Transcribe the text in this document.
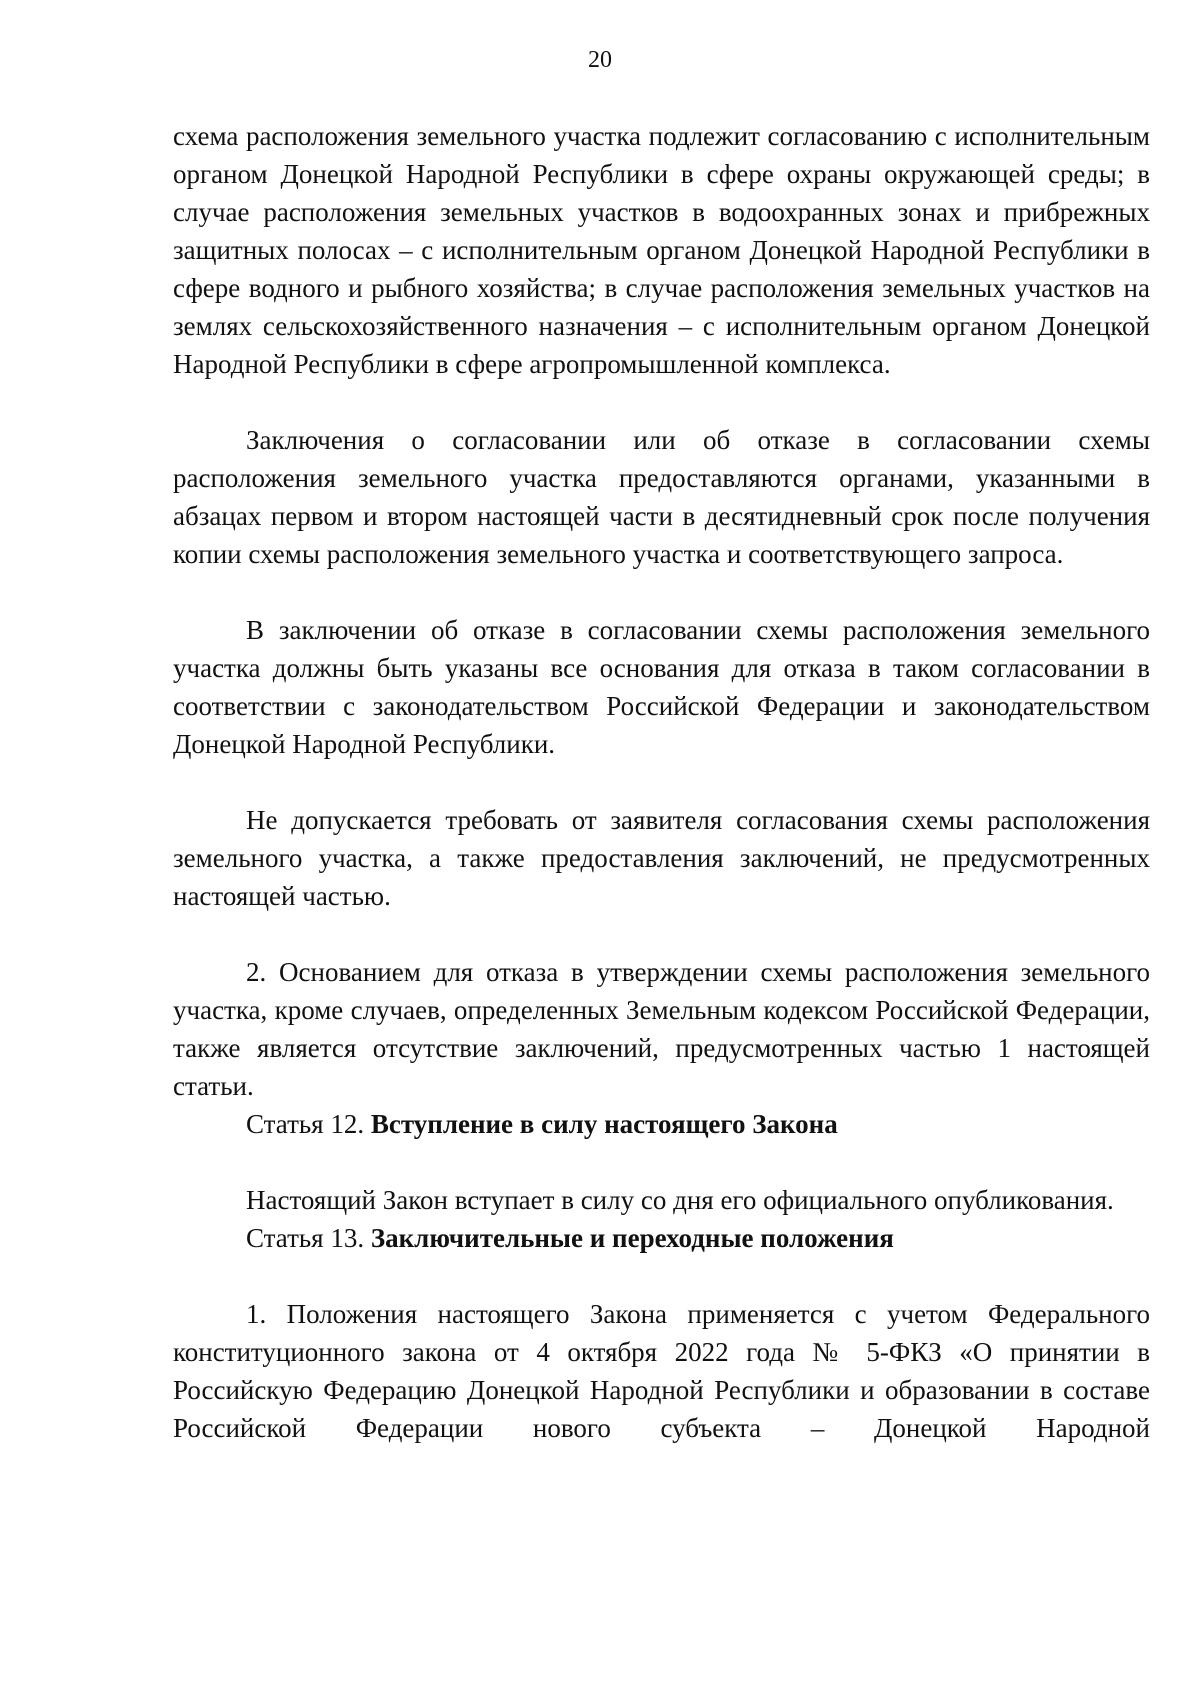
20

схема расположения земельного участка подлежит согласованию с исполнительным органом Донецкой Народной Республики в сфере охраны окружающей среды; в случае расположения земельных участков в водоохранных зонах и прибрежных защитных полосах – с исполнительным органом Донецкой Народной Республики в сфере водного и рыбного хозяйства; в случае расположения земельных участков на землях сельскохозяйственного назначения – с исполнительным органом Донецкой Народной Республики в сфере агропромышленной комплекса.

Заключения о согласовании или об отказе в согласовании схемы расположения земельного участка предоставляются органами, указанными в абзацах первом и втором настоящей части в десятидневный срок после получения копии схемы расположения земельного участка и соответствующего запроса.

В заключении об отказе в согласовании схемы расположения земельного участка должны быть указаны все основания для отказа в таком согласовании в соответствии с законодательством Российской Федерации и законодательством Донецкой Народной Республики.

Не допускается требовать от заявителя согласования схемы расположения земельного участка, а также предоставления заключений, не предусмотренных настоящей частью.

2. Основанием для отказа в утверждении схемы расположения земельного участка, кроме случаев, определенных Земельным кодексом Российской Федерации, также является отсутствие заключений, предусмотренных частью 1 настоящей статьи.

Статья 12. Вступление в силу настоящего Закона

Настоящий Закон вступает в силу со дня его официального опубликования.

Статья 13. Заключительные и переходные положения

1. Положения настоящего Закона применяется с учетом Федерального конституционного закона от 4 октября 2022 года № 5-ФКЗ «О принятии в Российскую Федерацию Донецкой Народной Республики и образовании в составе Российской Федерации нового субъекта – Донецкой Народной
